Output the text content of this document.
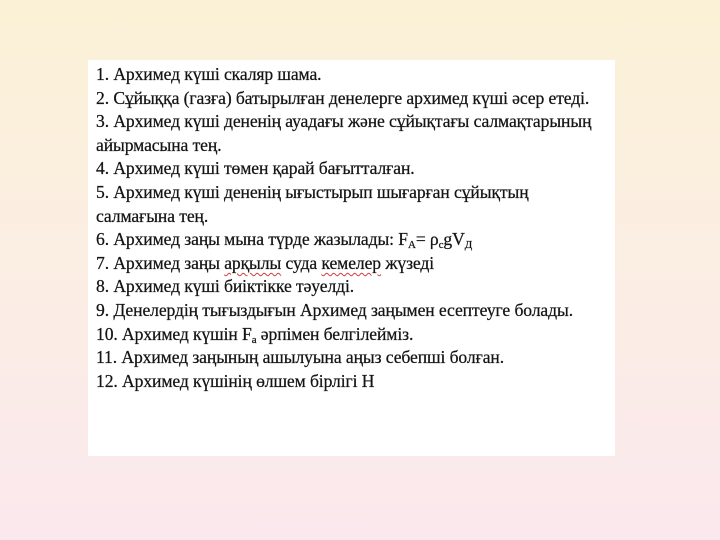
1. Архимед күші скаляр шама.
2. Сұйыққа (газға) батырылған денелерге архимед күші әсер етеді.
3. Архимед күші дененің ауадағы және сұйықтағы салмақтарының айырмасына тең.
4. Архимед күші төмен қарай бағытталған.
5. Архимед күші дененің ығыстырып шығарған сұйықтың салмағына тең.
6. Архимед заңы мына түрде жазылады: $F_A= \rho_cgV_Д$
7. Архимед заңы арқылы суда кемелер жүзеді
8. Архимед күші биіктікке тәуелді.
9. Денелердің тығыздығын Архимед заңымен есептеуге болады.
10. Архимед күшін $F_a$ әрпімен белгілейміз.
11. Архимед заңының ашылуына аңыз себепші болған.
12. Архимед күшінің өлшем бірлігі Н
